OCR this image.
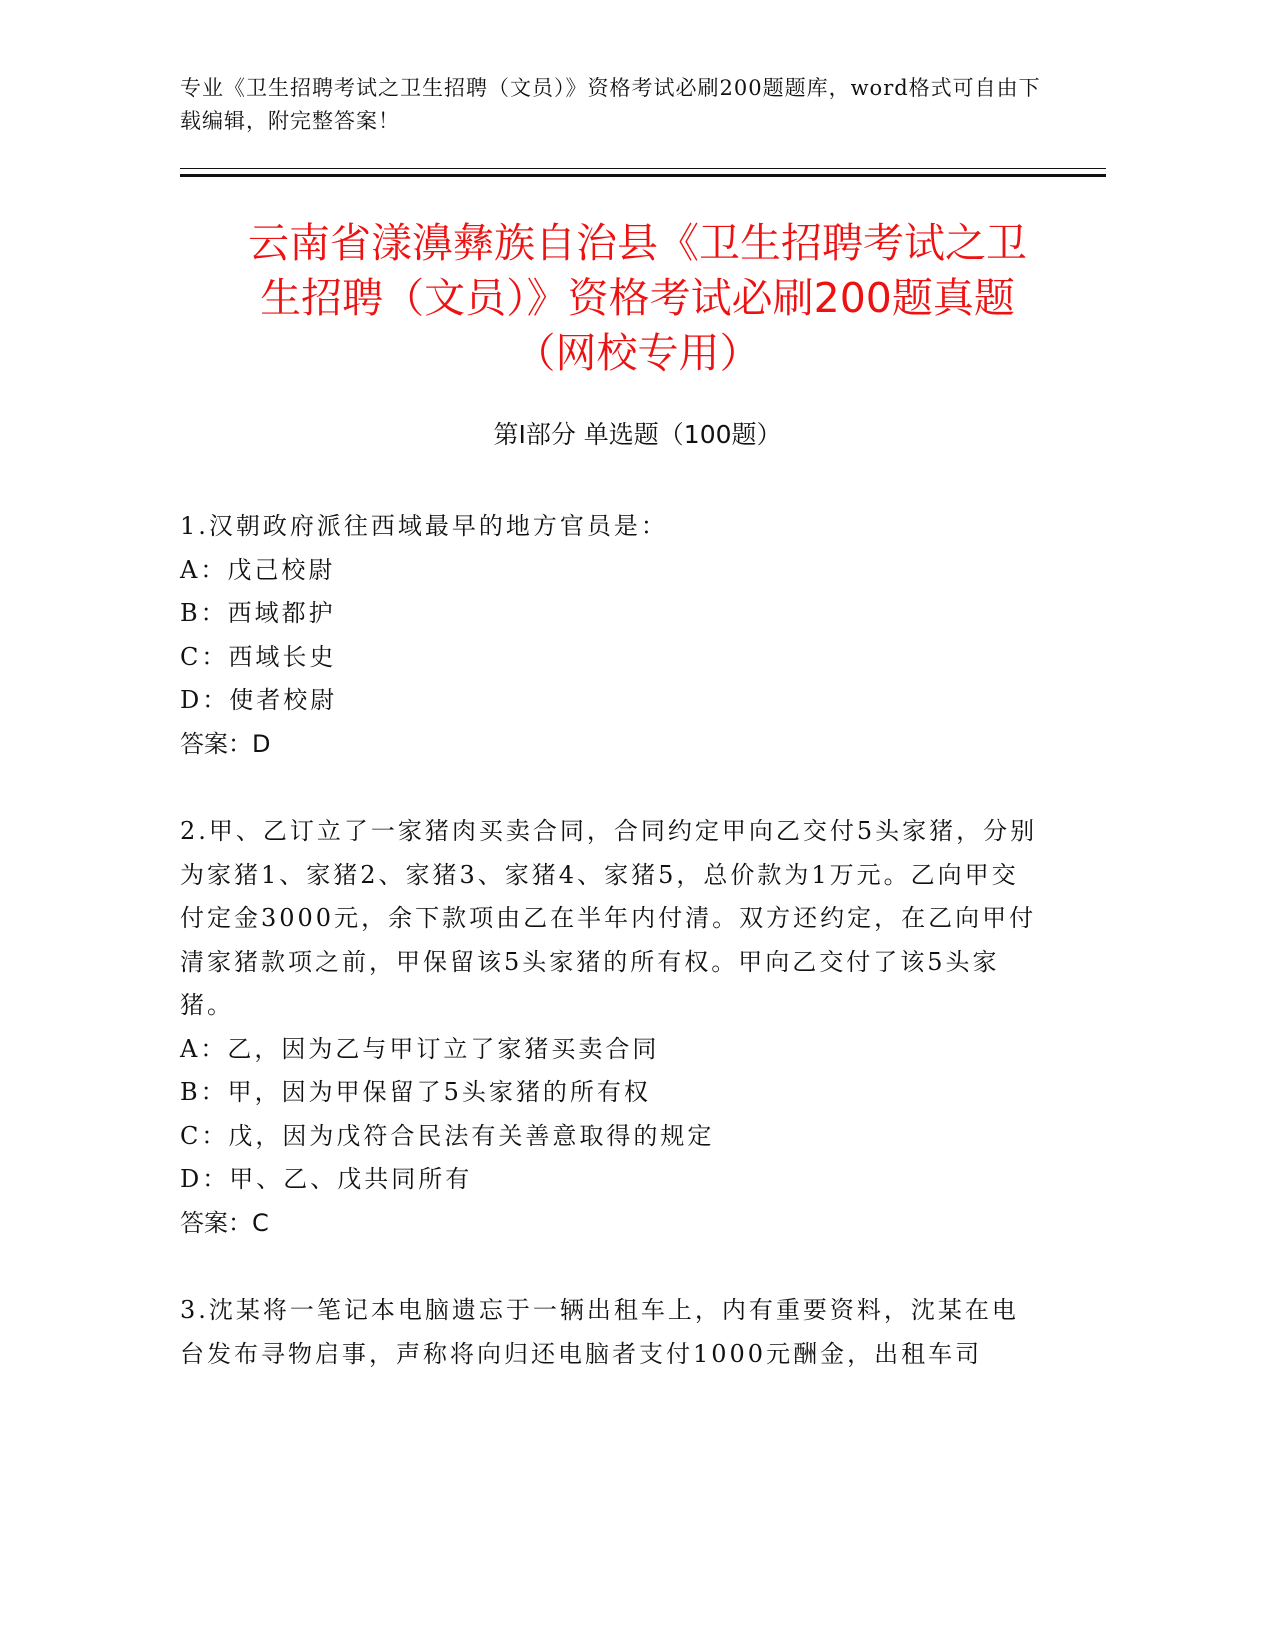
专业《卫生招聘考试之卫生招聘（文员）》资格考试必刷200题题库，word格式可自由下载编辑，附完整答案！
云南省漾濞彝族自治县《卫生招聘考试之卫
生招聘（文员）》资格考试必刷200题真题
（网校专用）
第Ⅰ部分 单选题（100题）

1.汉朝政府派往西域最早的地方官员是：

A：戊己校尉

B：西域都护

C：西域长史

D：使者校尉

答案：D

2.甲、乙订立了一家猪肉买卖合同，合同约定甲向乙交付5头家猪，分别为家猪1、家猪2、家猪3、家猪4、家猪5，总价款为1万元。乙向甲交付定金3000元，余下款项由乙在半年内付清。双方还约定，在乙向甲付清家猪款项之前，甲保留该5头家猪的所有权。甲向乙交付了该5头家猪。

A：乙，因为乙与甲订立了家猪买卖合同

B：甲，因为甲保留了5头家猪的所有权

C：戊，因为戊符合民法有关善意取得的规定

D：甲、乙、戊共同所有

答案：C

3.沈某将一笔记本电脑遗忘于一辆出租车上，内有重要资料，沈某在电台发布寻物启事，声称将向归还电脑者支付1000元酬金，出租车司
